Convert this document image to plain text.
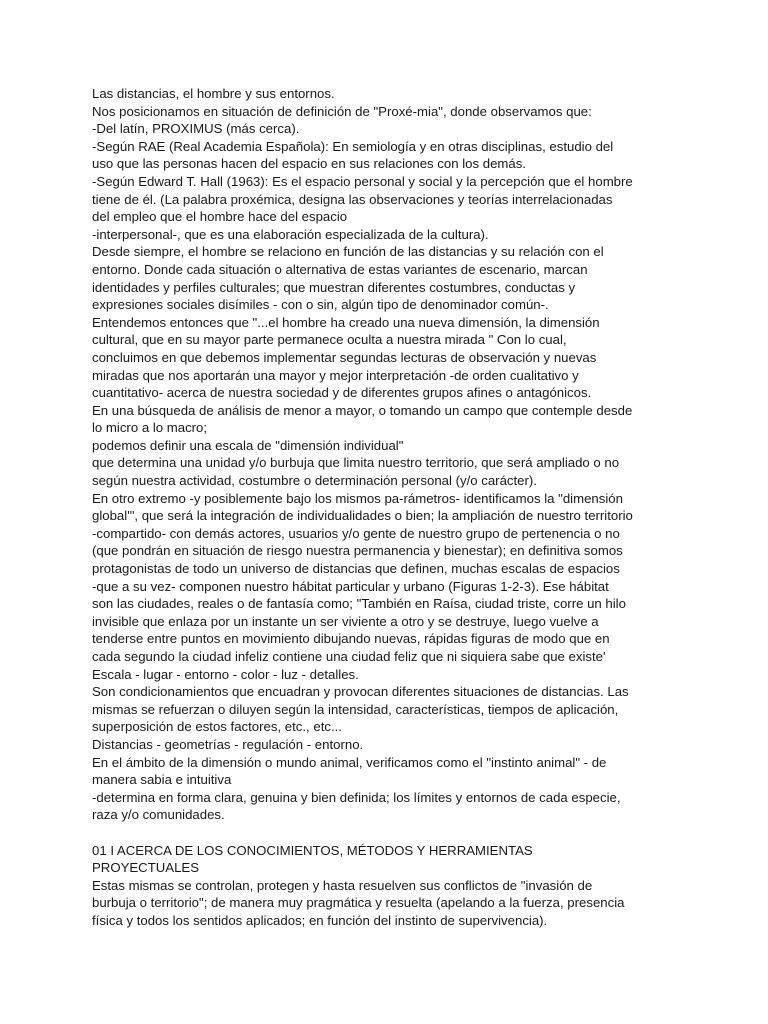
Las distancias, el hombre y sus entornos.
Nos posicionamos en situación de definición de "Proxé-mia", donde observamos que:
-Del latín, PROXIMUS (más cerca).
-Según RAE (Real Academia Española): En semiología y en otras disciplinas, estudio del
uso que las personas hacen del espacio en sus relaciones con los demás.
-Según Edward T. Hall (1963): Es el espacio personal y social y la percepción que el hombre
tiene de él. (La palabra proxémica, designa las observaciones y teorías interrelacionadas
del empleo que el hombre hace del espacio
-interpersonal-, que es una elaboración especializada de la cultura).
Desde siempre, el hombre se relaciono en función de las distancias y su relación con el
entorno. Donde cada situación o alternativa de estas variantes de escenario, marcan
identidades y perfiles culturales; que muestran diferentes costumbres, conductas y
expresiones sociales disímiles - con o sin, algún tipo de denominador común-.
Entendemos entonces que "...el hombre ha creado una nueva dimensión, la dimensión
cultural, que en su mayor parte permanece oculta a nuestra mirada " Con lo cual,
concluimos en que debemos implementar segundas lecturas de observación y nuevas
miradas que nos aportarán una mayor y mejor interpretación -de orden cualitativo y
cuantitativo- acerca de nuestra sociedad y de diferentes grupos afines o antagónicos.
En una búsqueda de análisis de menor a mayor, o tomando un campo que contemple desde
lo micro a lo macro;
podemos definir una escala de "dimensión individual"
que determina una unidad y/o burbuja que limita nuestro territorio, que será ampliado o no
según nuestra actividad, costumbre o determinación personal (y/o carácter).
En otro extremo -y posiblemente bajo los mismos pa-rámetros- identificamos la "dimensión
global'", que será la integración de individualidades o bien; la ampliación de nuestro territorio
-compartido- con demás actores, usuarios y/o gente de nuestro grupo de pertenencia o no
(que pondrán en situación de riesgo nuestra permanencia y bienestar); en definitiva somos
protagonistas de todo un universo de distancias que definen, muchas escalas de espacios
-que a su vez- componen nuestro hábitat particular y urbano (Figuras 1-2-3). Ese hábitat
son las ciudades, reales o de fantasía como; "También en Raísa, ciudad triste, corre un hilo
invisible que enlaza por un instante un ser viviente a otro y se destruye, luego vuelve a
tenderse entre puntos en movimiento dibujando nuevas, rápidas figuras de modo que en
cada segundo la ciudad infeliz contiene una ciudad feliz que ni siquiera sabe que existe'
Escala - lugar - entorno - color - luz - detalles.
Son condicionamientos que encuadran y provocan diferentes situaciones de distancias. Las
mismas se refuerzan o diluyen según la intensidad, características, tiempos de aplicación,
superposición de estos factores, etc., etc...
Distancias - geometrías - regulación - entorno.
En el ámbito de la dimensión o mundo animal, verificamos como el "instinto animal" - de
manera sabia e intuitiva
-determina en forma clara, genuina y bien definida; los límites y entornos de cada especie,
raza y/o comunidades.
01 I ACERCA DE LOS CONOCIMIENTOS, MÉTODOS Y HERRAMIENTAS
PROYECTUALES
Estas mismas se controlan, protegen y hasta resuelven sus conflictos de "invasión de
burbuja o territorio"; de manera muy pragmática y resuelta (apelando a la fuerza, presencia
física y todos los sentidos aplicados; en función del instinto de supervivencia).
